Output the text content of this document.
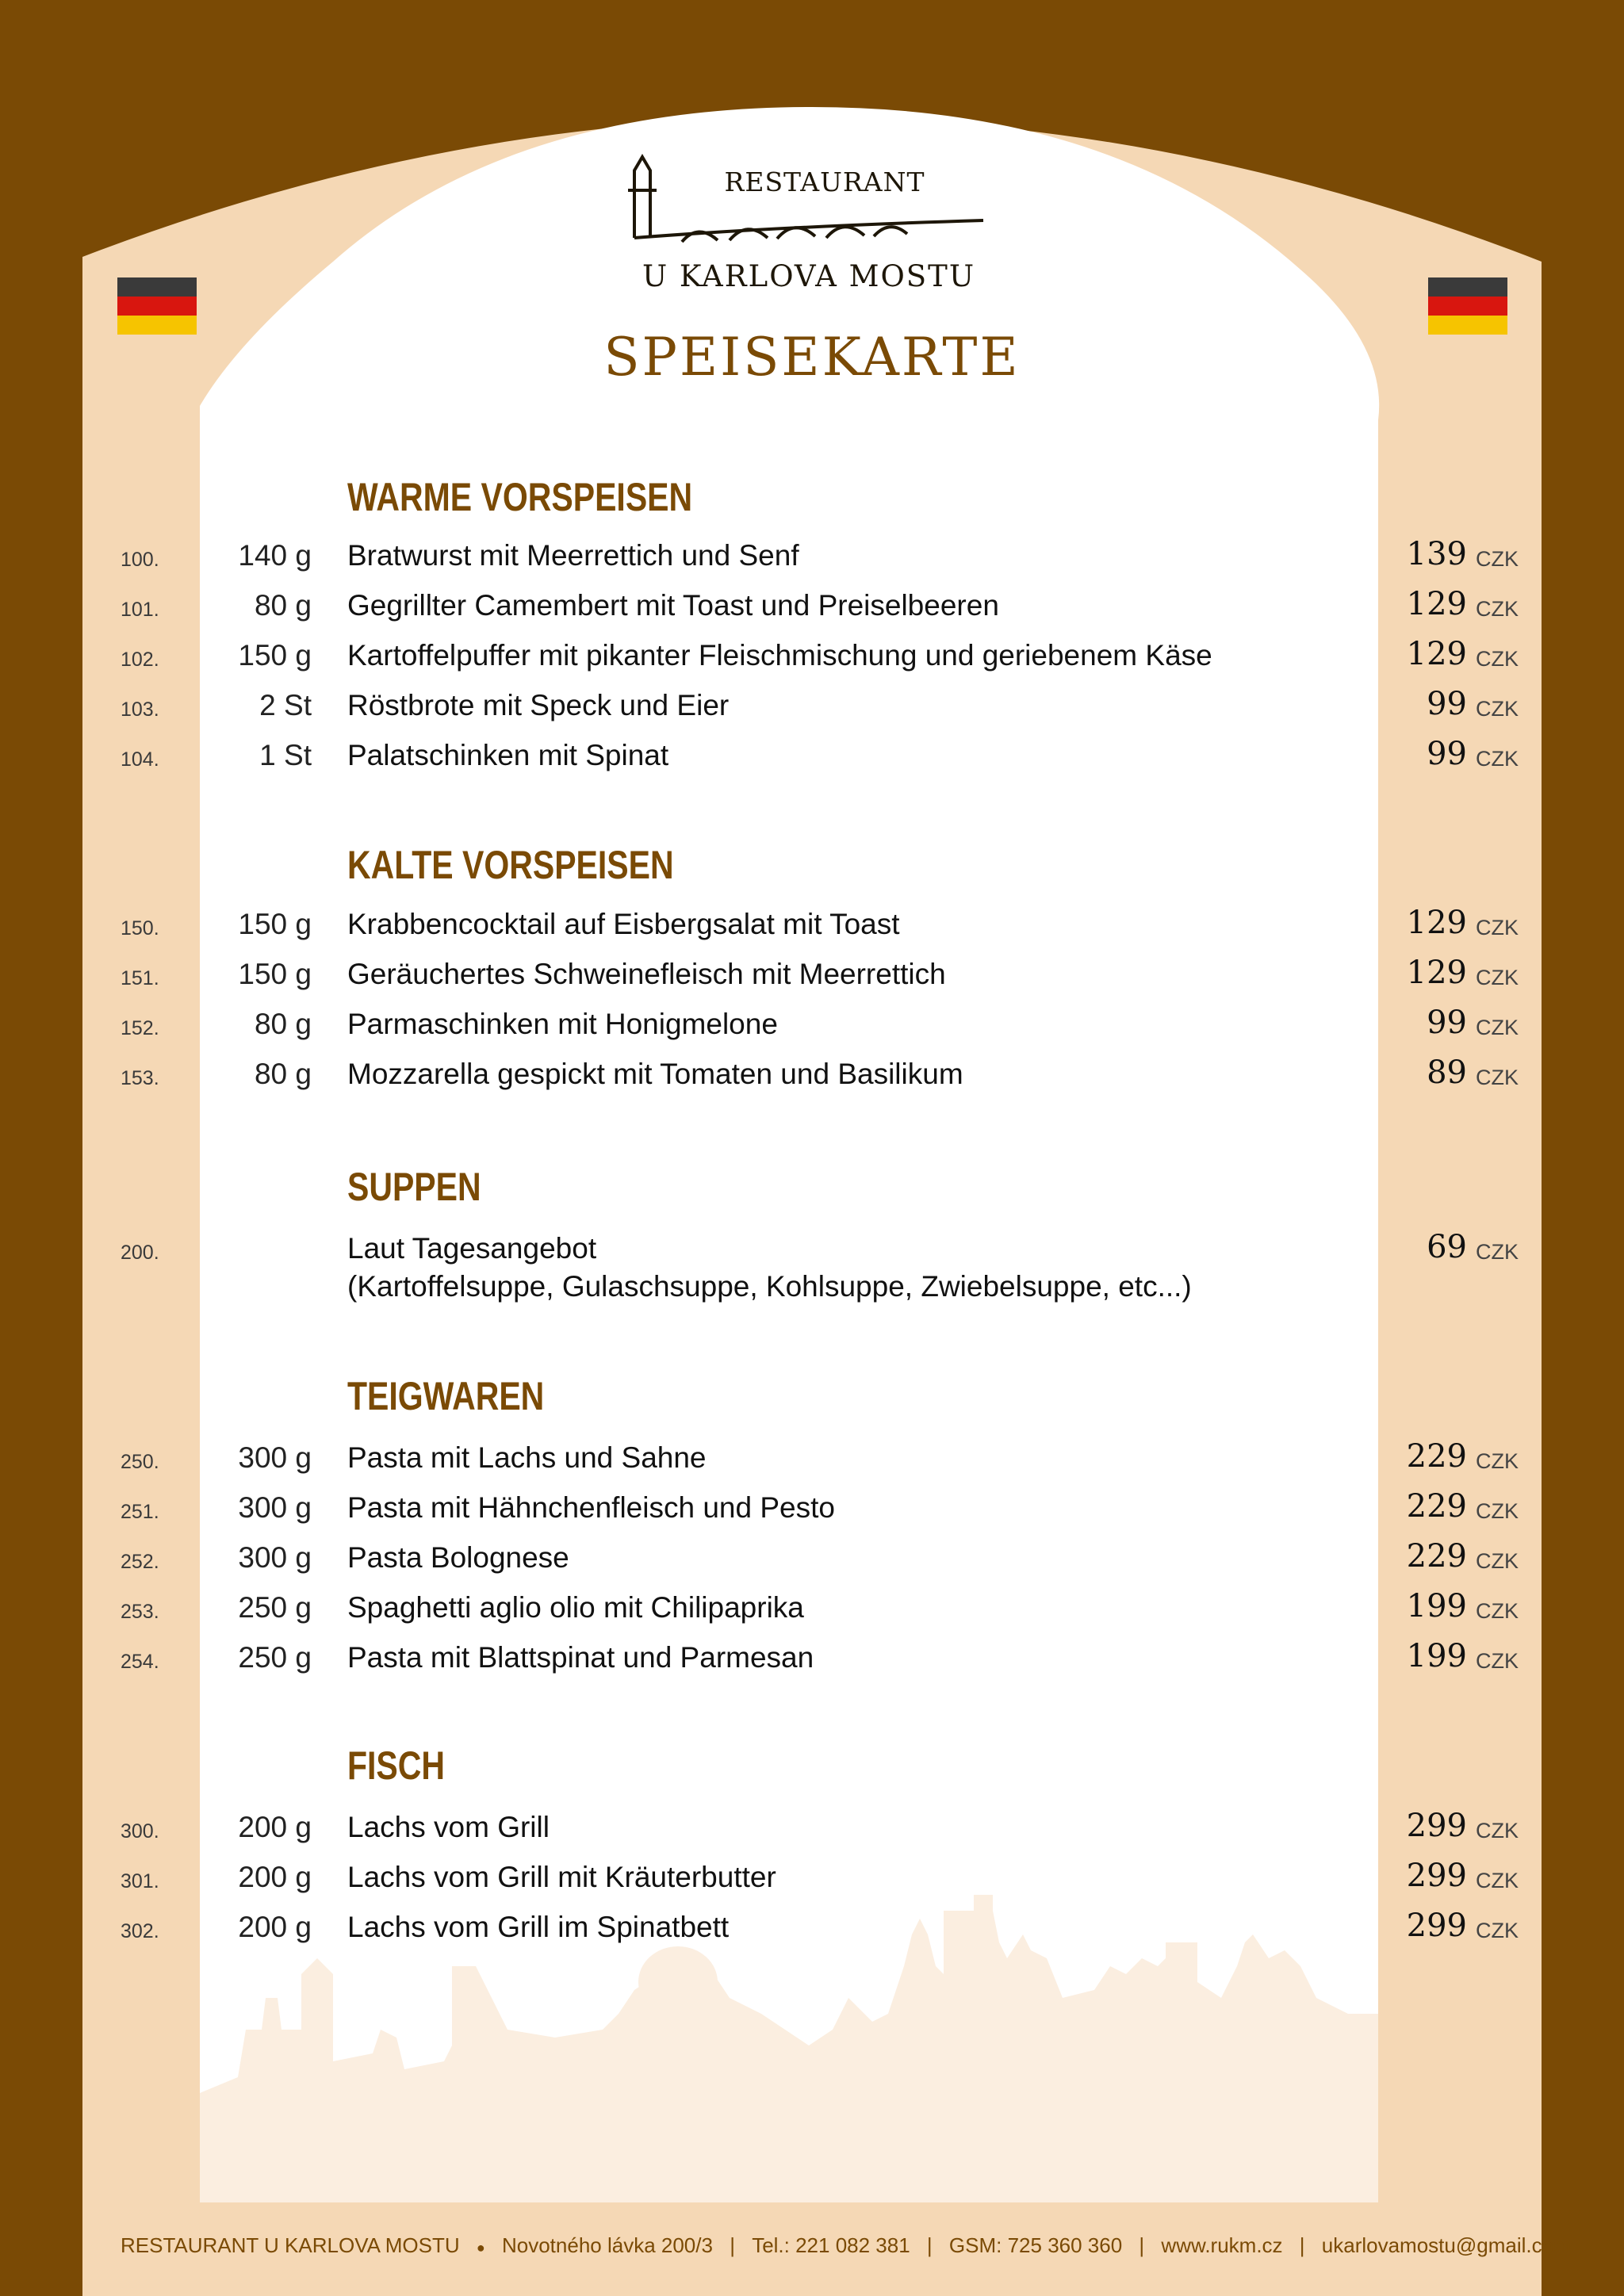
RESTAURANT
U KARLOVA MOSTU
SPEISEKARTE
WARME VORSPEISEN
100.	140 g Bratwurst mit Meerrettich und Senf	139 CZK
101.	80 g Gegrillter Camembert mit Toast und Preiselbeeren	129 CZK
102.	150 g Kartoffelpuffer mit pikanter Fleischmischung und geriebenem Käse	129 CZK
103.	2 St Röstbrote mit Speck und Eier	99 CZK
104.	1 St Palatschinken mit Spinat	99 CZK
KALTE VORSPEISEN
150.	150 g Krabbencocktail auf Eisbergsalat mit Toast	129 CZK
151.	150 g Geräuchertes Schweinefleisch mit Meerrettich	129 CZK
152.	80 g Parmaschinken mit Honigmelone	99 CZK
153.	80 g Mozzarella gespickt mit Tomaten und Basilikum	89 CZK
SUPPEN
200.	Laut Tagesangebot	69 CZK
(Kartoffelsuppe, Gulaschsuppe, Kohlsuppe, Zwiebelsuppe, etc...)
TEIGWAREN
250.	300 g Pasta mit Lachs und Sahne	229 CZK
251.	300 g Pasta mit Hähnchenfleisch und Pesto	229 CZK
252.	300 g Pasta Bolognese	229 CZK
253.	250 g Spaghetti aglio olio mit Chilipaprika	199 CZK
254.	250 g Pasta mit Blattspinat und Parmesan	199 CZK
FISCH
300.	200 g Lachs vom Grill	299 CZK
301.	200 g Lachs vom Grill mit Kräuterbutter	299 CZK
302.	200 g Lachs vom Grill im Spinatbett	299 CZK
RESTAURANT U KARLOVA MOSTU ● Novotného lávka 200/3 | Tel.: 221 082 381 | GSM: 725 360 360 | www.rukm.cz | ukarlovamostu@gmail.com
